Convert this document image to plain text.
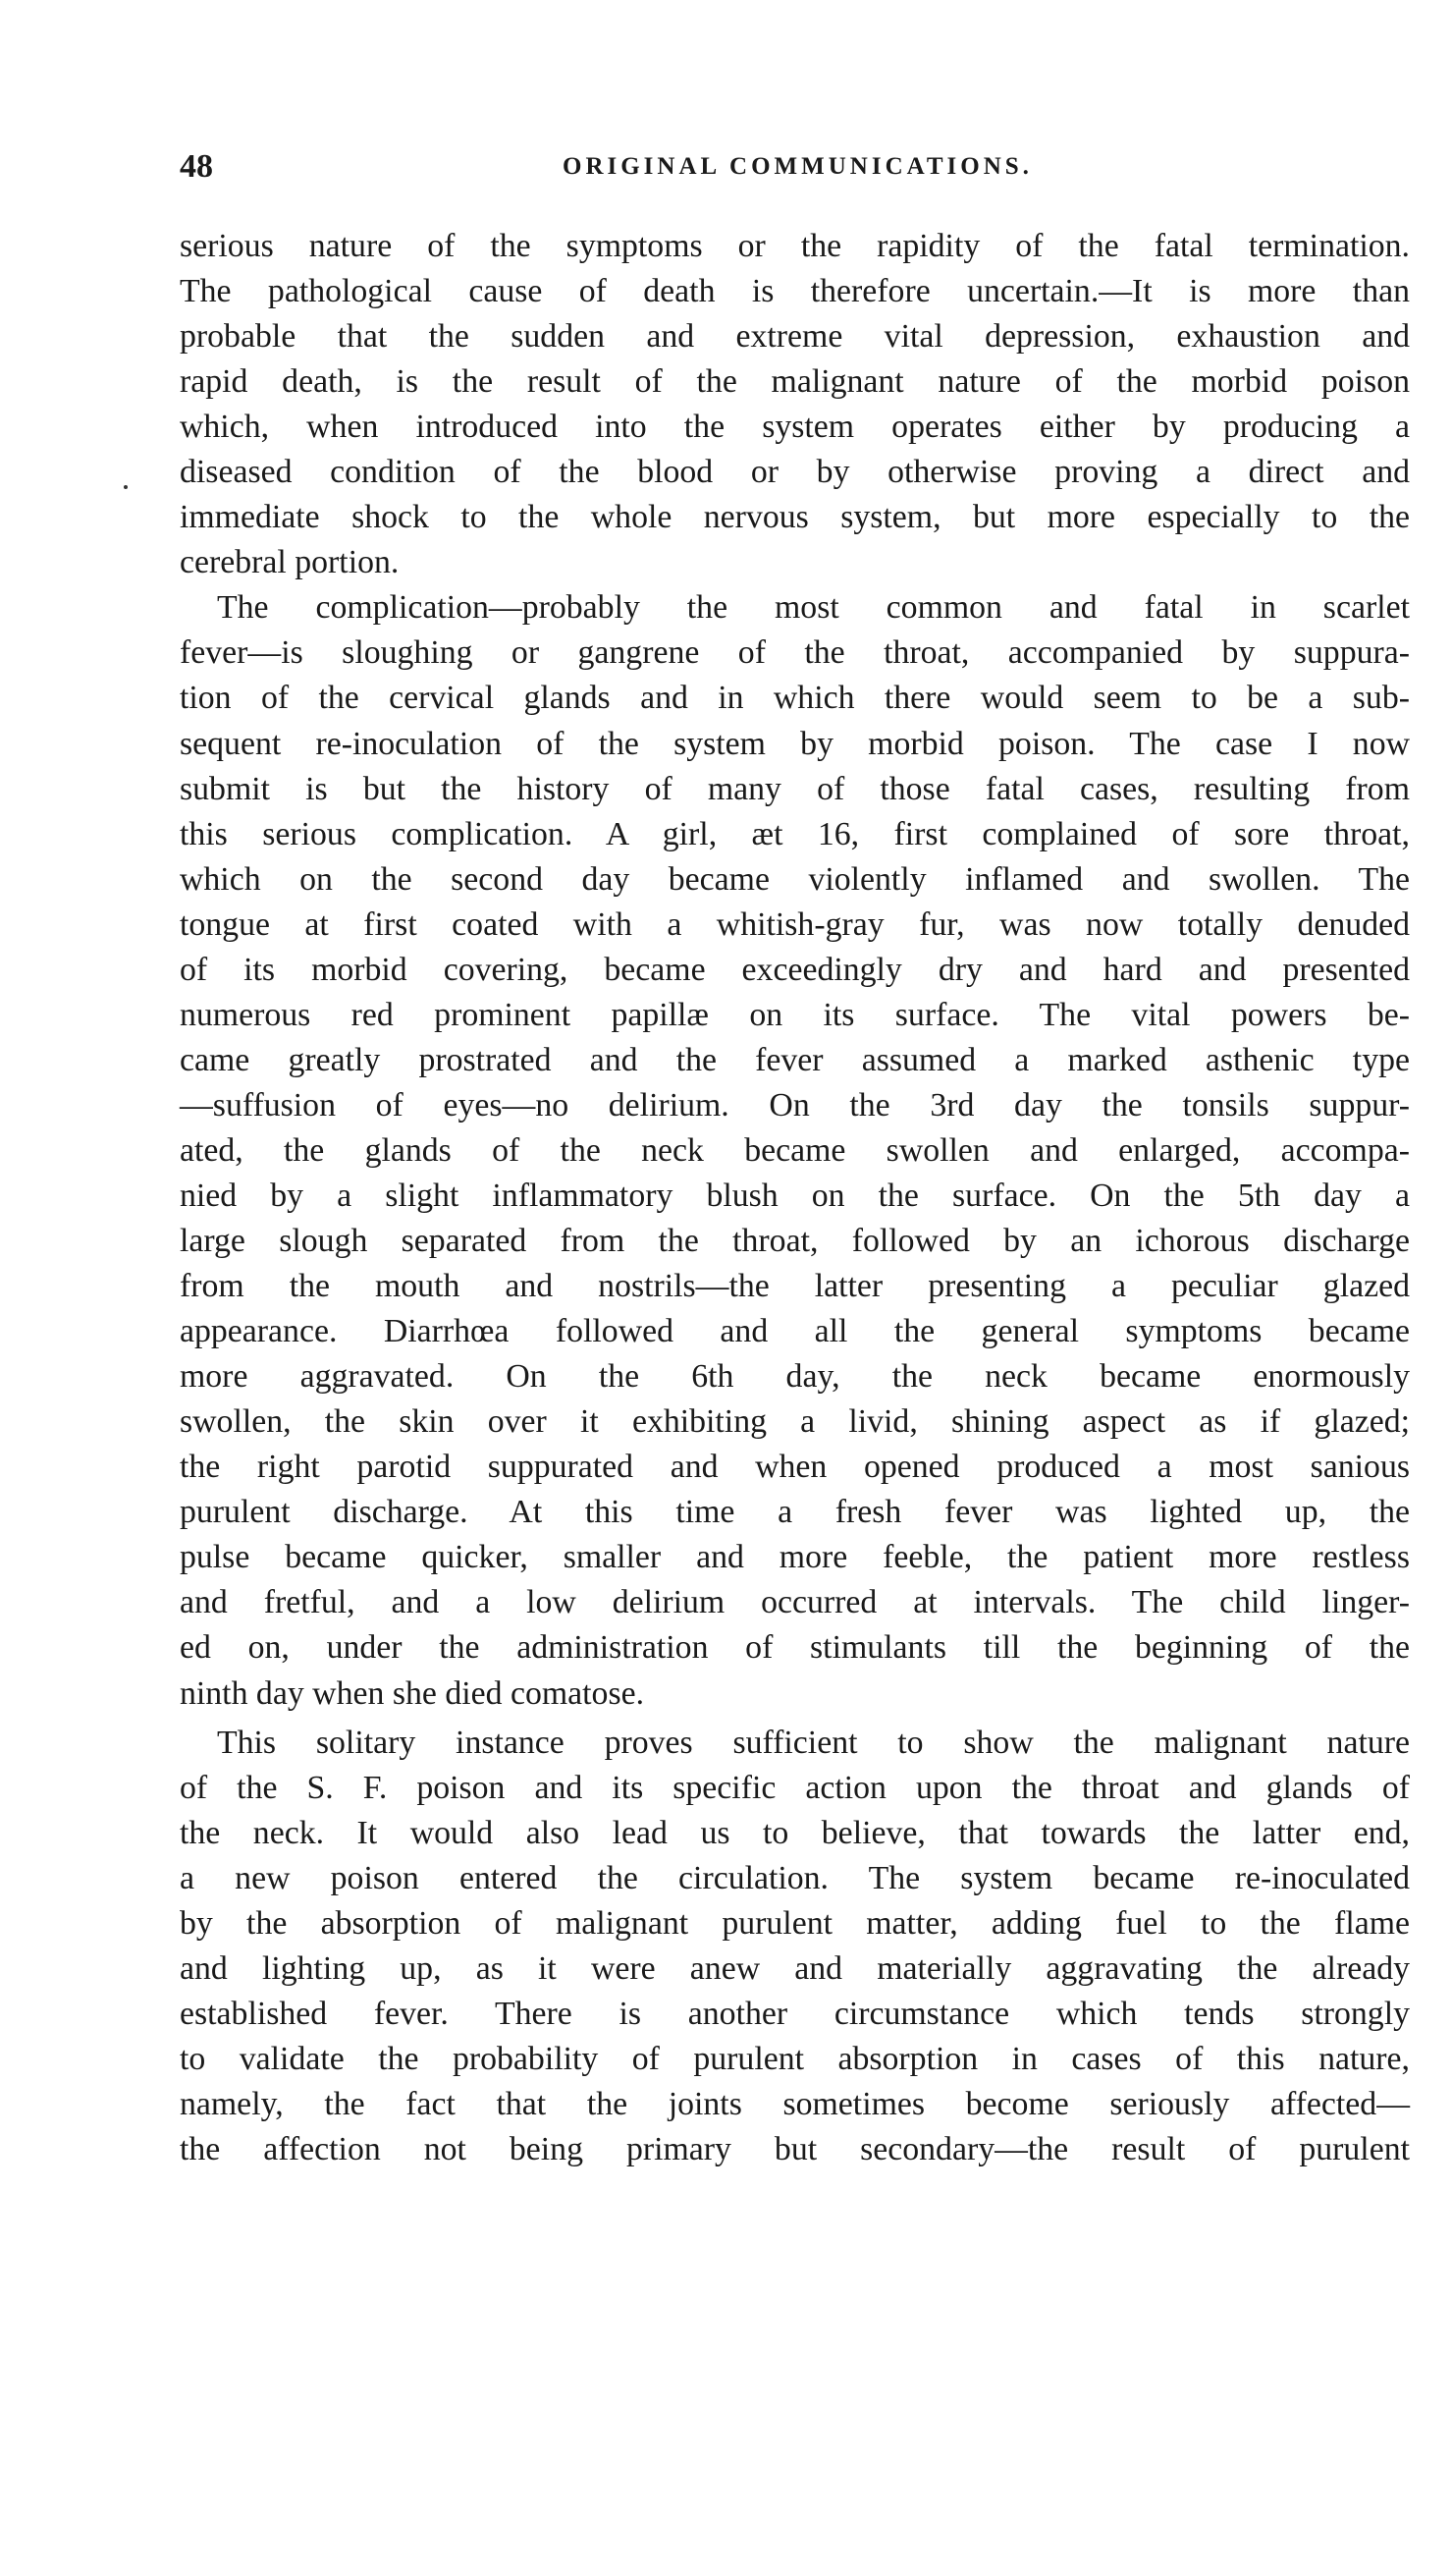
48	ORIGINAL COMMUNICATIONS.
serious nature of the symptoms or the rapidity of the fatal termination.
The pathological cause of death is therefore uncertain.—It is more than
probable that the sudden and extreme vital depression, exhaustion and
rapid death, is the result of the malignant nature of the morbid poison
which, when introduced into the system operates either by producing a
diseased condition of the blood or by otherwise proving a direct and
immediate shock to the whole nervous system, but more especially to the
cerebral portion.
The complication—probably the most common and fatal in scarlet
fever—is sloughing or gangrene of the throat, accompanied by suppura-
tion of the cervical glands and in which there would seem to be a sub-
sequent re-inoculation of the system by morbid poison. The case I now
submit is but the history of many of those fatal cases, resulting from
this serious complication. A girl, æt 16, first complained of sore throat,
which on the second day became violently inflamed and swollen. The
tongue at first coated with a whitish-gray fur, was now totally denuded
of its morbid covering, became exceedingly dry and hard and presented
numerous red prominent papillæ on its surface. The vital powers be-
came greatly prostrated and the fever assumed a marked asthenic type
—suffusion of eyes—no delirium. On the 3rd day the tonsils suppur-
ated, the glands of the neck became swollen and enlarged, accompa-
nied by a slight inflammatory blush on the surface. On the 5th day a
large slough separated from the throat, followed by an ichorous discharge
from the mouth and nostrils—the latter presenting a peculiar glazed
appearance. Diarrhœa followed and all the general symptoms became
more aggravated. On the 6th day, the neck became enormously
swollen, the skin over it exhibiting a livid, shining aspect as if glazed;
the right parotid suppurated and when opened produced a most sanious
purulent discharge. At this time a fresh fever was lighted up, the
pulse became quicker, smaller and more feeble, the patient more restless
and fretful, and a low delirium occurred at intervals. The child linger-
ed on, under the administration of stimulants till the beginning of the
ninth day when she died comatose.
This solitary instance proves sufficient to show the malignant nature
of the S. F. poison and its specific action upon the throat and glands of
the neck. It would also lead us to believe, that towards the latter end,
a new poison entered the circulation. The system became re-inoculated
by the absorption of malignant purulent matter, adding fuel to the flame
and lighting up, as it were anew and materially aggravating the already
established fever. There is another circumstance which tends strongly
to validate the probability of purulent absorption in cases of this nature,
namely, the fact that the joints sometimes become seriously affected—
the affection not being primary but secondary—the result of purulent
